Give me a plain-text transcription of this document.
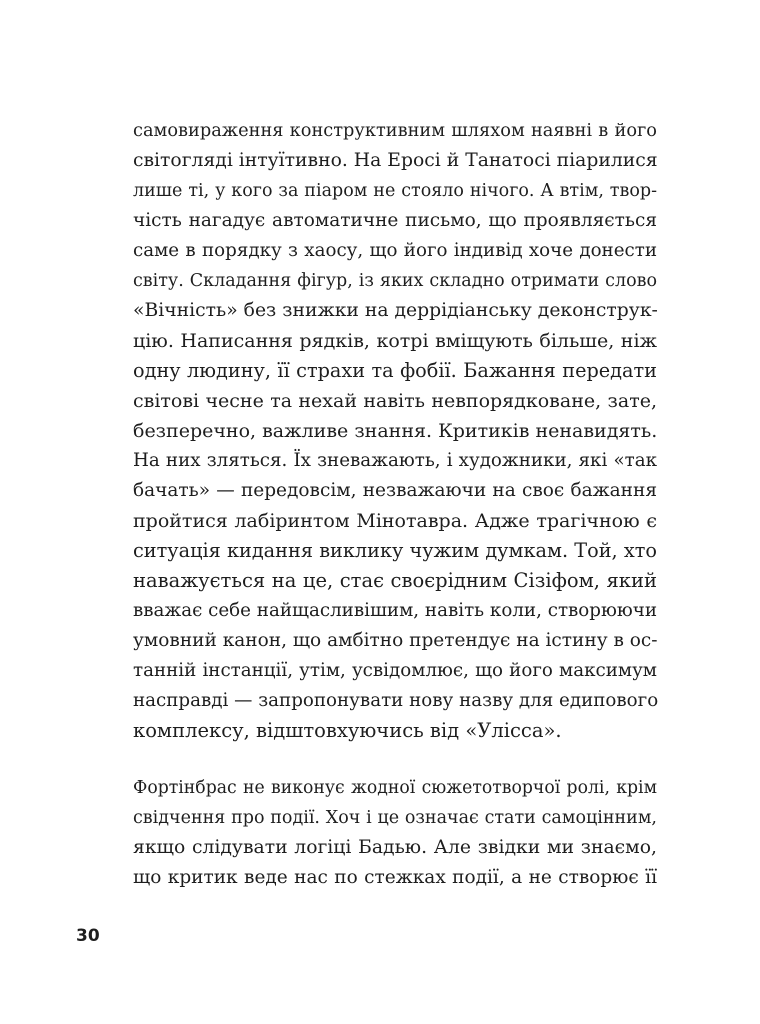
самовираження конструктивним шляхом наявні в його
світогляді інтуїтивно. На Еросі й Танатосі піарилися
лише ті, у кого за піаром не стояло нічого. А втім, твор-
чість нагадує автоматичне письмо, що проявляється
саме в порядку з хаосу, що його індивід хоче донести
світу. Складання фігур, із яких складно отримати слово
«Вічність» без знижки на деррідіанську деконструк-
цію. Написання рядків, котрі вміщують більше, ніж
одну людину, її страхи та фобії. Бажання передати
світові чесне та нехай навіть невпорядковане, зате,
безперечно, важливе знання. Критиків ненавидять.
На них зляться. Їх зневажають, і художники, які «так
бачать» — передовсім, незважаючи на своє бажання
пройтися лабіринтом Мінотавра. Адже трагічною є
ситуація кидання виклику чужим думкам. Той, хто
наважується на це, стає своєрідним Сізіфом, який
вважає себе найщасливішим, навіть коли, створюючи
умовний канон, що амбітно претендує на істину в ос-
танній інстанції, утім, усвідомлює, що його максимум
насправді — запропонувати нову назву для едипового
комплексу, відштовхуючись від «Улісса».
Фортінбрас не виконує жодної сюжетотворчої ролі, крім
свідчення про події. Хоч і це означає стати самоцінним,
якщо слідувати логіці Бадью. Але звідки ми знаємо,
що критик веде нас по стежках події, а не створює її
30
